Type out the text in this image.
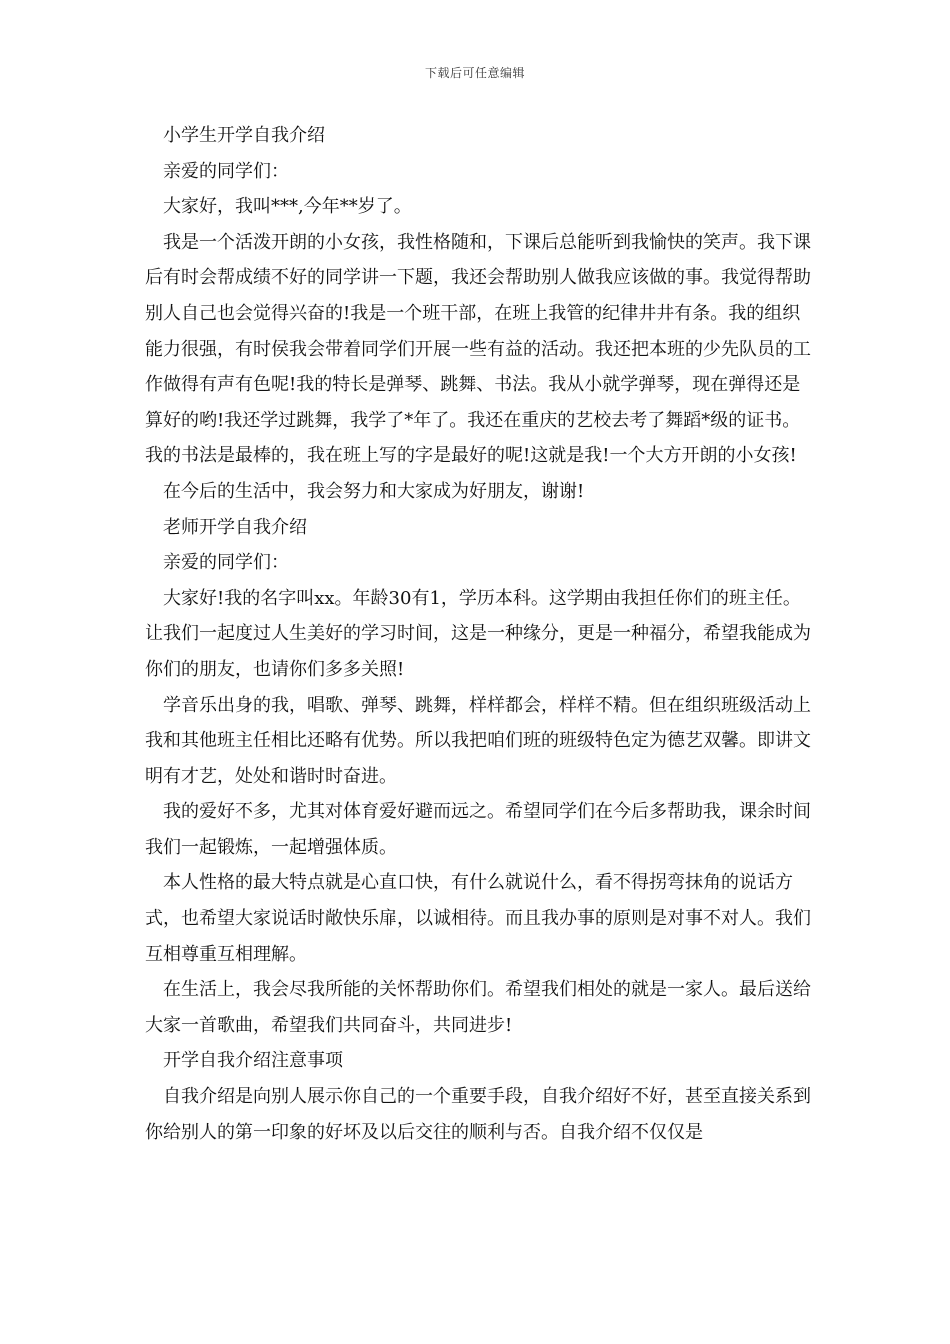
下载后可任意编辑

小学生开学自我介绍

亲爱的同学们：

大家好，我叫***,今年**岁了。

我是一个活泼开朗的小女孩，我性格随和，下课后总能听到我愉快的笑声。我下课后有时会帮成绩不好的同学讲一下题，我还会帮助别人做我应该做的事。我觉得帮助别人自己也会觉得兴奋的!我是一个班干部，在班上我管的纪律井井有条。我的组织能力很强，有时侯我会带着同学们开展一些有益的活动。我还把本班的少先队员的工作做得有声有色呢!我的特长是弹琴、跳舞、书法。我从小就学弹琴，现在弹得还是算好的哟!我还学过跳舞，我学了*年了。我还在重庆的艺校去考了舞蹈*级的证书。我的书法是最棒的，我在班上写的字是最好的呢!这就是我!一个大方开朗的小女孩!

在今后的生活中，我会努力和大家成为好朋友，谢谢!

老师开学自我介绍

亲爱的同学们：

大家好!我的名字叫xx。年龄30有1，学历本科。这学期由我担任你们的班主任。让我们一起度过人生美好的学习时间，这是一种缘分，更是一种福分，希望我能成为你们的朋友，也请你们多多关照!

学音乐出身的我，唱歌、弹琴、跳舞，样样都会，样样不精。但在组织班级活动上我和其他班主任相比还略有优势。所以我把咱们班的班级特色定为德艺双馨。即讲文明有才艺，处处和谐时时奋进。

我的爱好不多，尤其对体育爱好避而远之。希望同学们在今后多帮助我，课余时间我们一起锻炼，一起增强体质。

本人性格的最大特点就是心直口快，有什么就说什么，看不得拐弯抹角的说话方式，也希望大家说话时敞快乐扉，以诚相待。而且我办事的原则是对事不对人。我们互相尊重互相理解。

在生活上，我会尽我所能的关怀帮助你们。希望我们相处的就是一家人。最后送给大家一首歌曲，希望我们共同奋斗，共同进步!

开学自我介绍注意事项

自我介绍是向别人展示你自己的一个重要手段，自我介绍好不好，甚至直接关系到你给别人的第一印象的好坏及以后交往的顺利与否。自我介绍不仅仅是
